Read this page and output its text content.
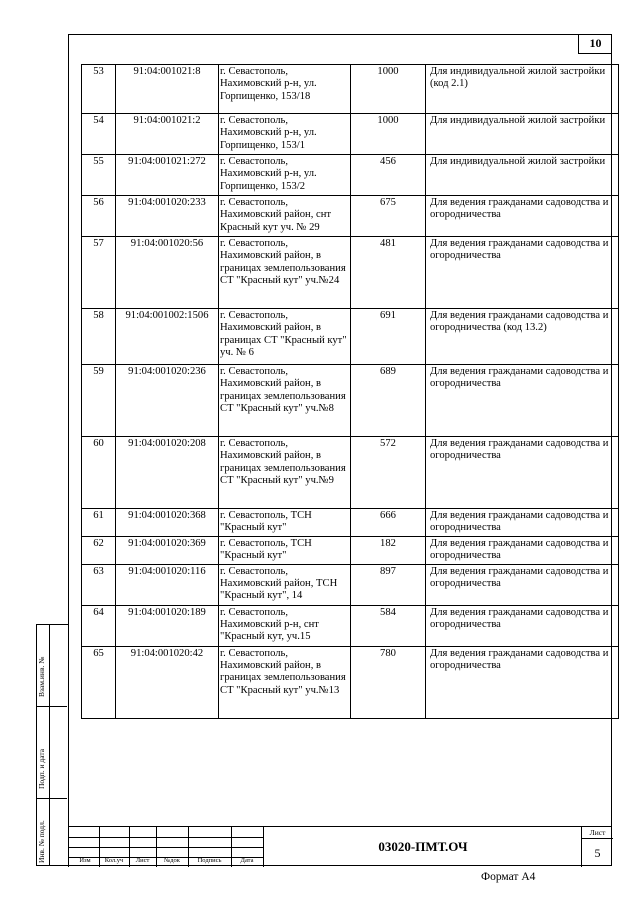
10
53	91:04:001021:8	г. Севастополь, Нахимовский р-н, ул. Горпищенко, 153/18	1000	Для индивидуальной жилой застройки (код 2.1)
54	91:04:001021:2	г. Севастополь, Нахимовский р-н, ул. Горпищенко, 153/1	1000	Для индивидуальной жилой застройки
55	91:04:001021:272	г. Севастополь, Нахимовский р-н, ул. Горпищенко, 153/2	456	Для индивидуальной жилой застройки
56	91:04:001020:233	г. Севастополь, Нахимовский район, снт Красный кут уч. № 29	675	Для ведения гражданами садоводства и огородничества
57	91:04:001020:56	г. Севастополь, Нахимовский район, в границах землепользования СТ "Красный кут" уч.№24	481	Для ведения гражданами садоводства и огородничества
58	91:04:001002:1506	г. Севастополь, Нахимовский район, в границах СТ "Красный кут" уч. № 6	691	Для ведения гражданами садоводства и огородничества (код 13.2)
59	91:04:001020:236	г. Севастополь, Нахимовский район, в границах землепользования СТ "Красный кут" уч.№8	689	Для ведения гражданами садоводства и огородничества
60	91:04:001020:208	г. Севастополь, Нахимовский район, в границах землепользования СТ "Красный кут" уч.№9	572	Для ведения гражданами садоводства и огородничества
61	91:04:001020:368	г. Севастополь, ТСН "Красный кут"	666	Для ведения гражданами садоводства и огородничества
62	91:04:001020:369	г. Севастополь, ТСН "Красный кут"	182	Для ведения гражданами садоводства и огородничества
63	91:04:001020:116	г. Севастополь, Нахимовский район, ТСН "Красный кут", 14	897	Для ведения гражданами садоводства и огородничества
64	91:04:001020:189	г. Севастополь, Нахимовский р-н, снт "Красный кут, уч.15	584	Для ведения гражданами садоводства и огородничества
65	91:04:001020:42	г. Севастополь, Нахимовский район, в границах землепользования СТ "Красный кут" уч.№13	780	Для ведения гражданами садоводства и огородничества
Взам.инв. №
Подп. и дата
Инв. № подл.	Изм	Кол.уч	Лист	№док	Подпись	Дата
03020-ПМТ.ОЧ
Лист
5
Формат А4
